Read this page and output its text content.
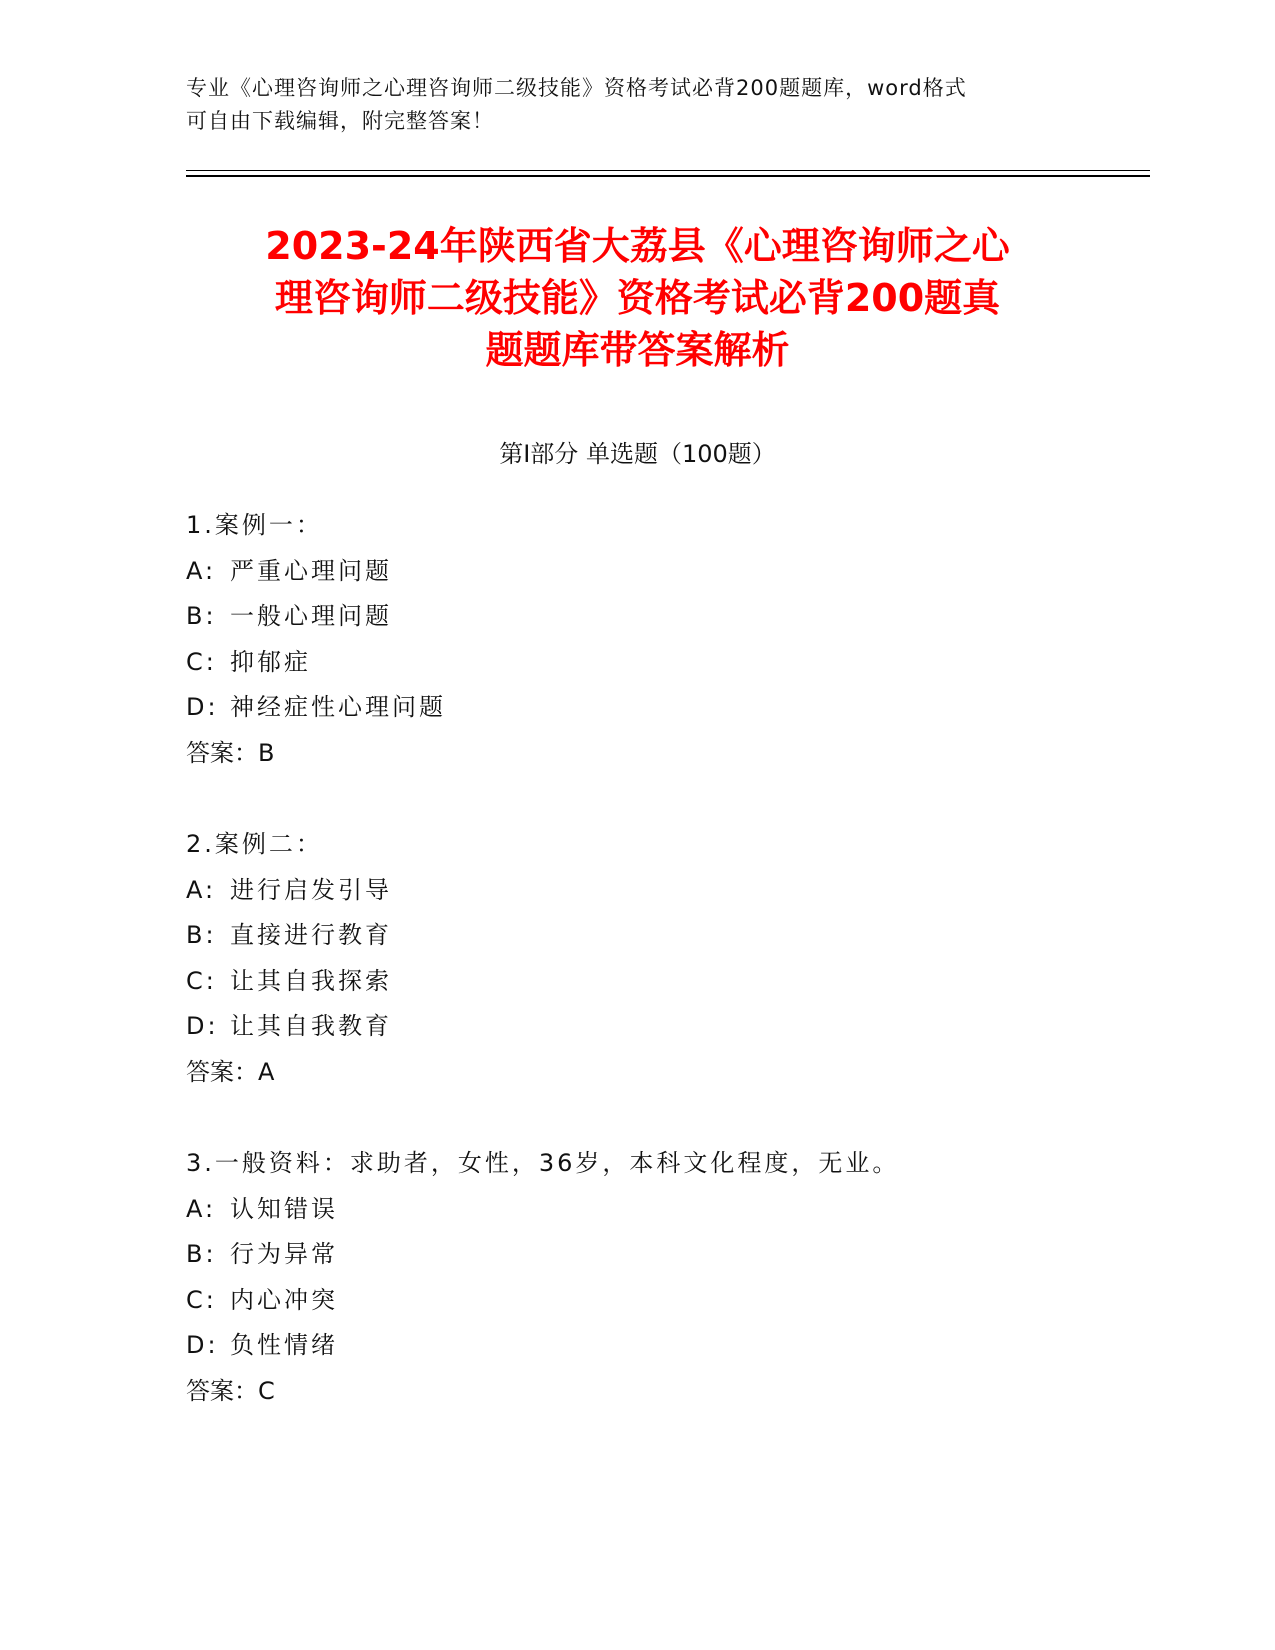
专业《心理咨询师之心理咨询师二级技能》资格考试必背200题题库，word格式
可自由下载编辑，附完整答案！
2023-24年陕西省大荔县《心理咨询师之心
理咨询师二级技能》资格考试必背200题真
题题库带答案解析
第Ⅰ部分 单选题（100题）
1.案例一：
A: 严重心理问题
B: 一般心理问题
C: 抑郁症
D: 神经症性心理问题
答案：B
2.案例二：
A: 进行启发引导
B: 直接进行教育
C: 让其自我探索
D: 让其自我教育
答案：A
3.一般资料：求助者，女性，36岁，本科文化程度，无业。
A: 认知错误
B: 行为异常
C: 内心冲突
D: 负性情绪
答案：C
